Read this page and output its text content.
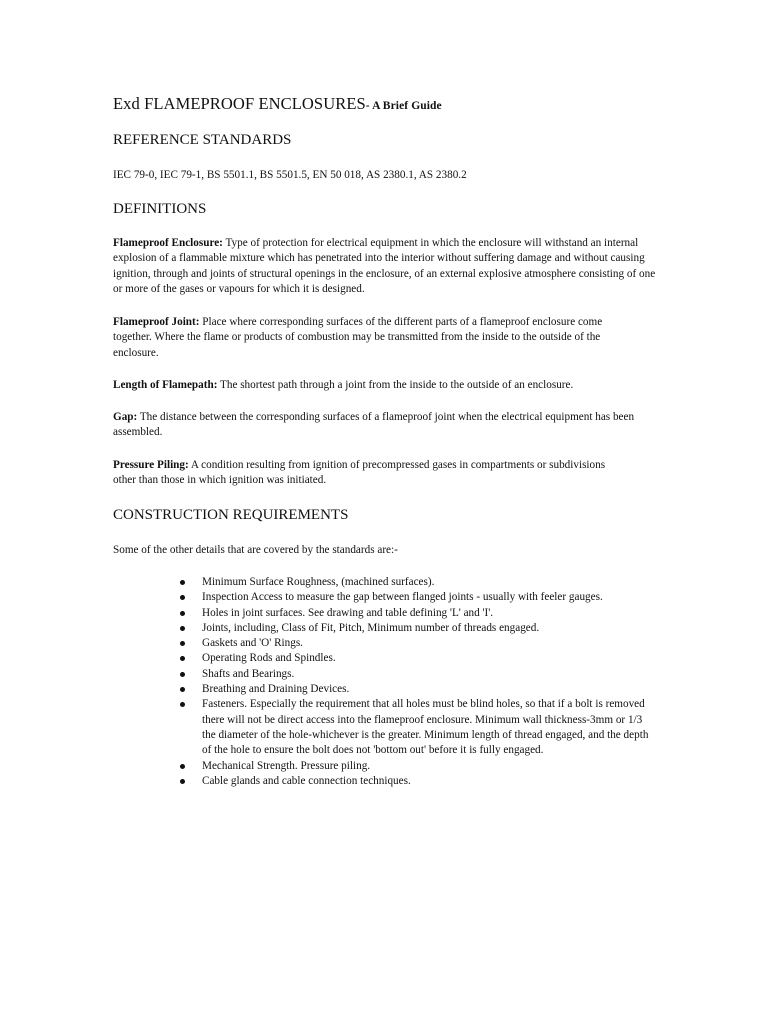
Exd FLAMEPROOF ENCLOSURES- A Brief Guide
REFERENCE STANDARDS

IEC 79-0, IEC 79-1, BS 5501.1, BS 5501.5, EN 50 018, AS 2380.1, AS 2380.2

DEFINITIONS

Flameproof Enclosure: Type of protection for electrical equipment in which the enclosure will withstand an internal explosion of a flammable mixture which has penetrated into the interior without suffering damage and without causing ignition, through and joints of structural openings in the enclosure, of an external explosive atmosphere consisting of one or more of the gases or vapours for which it is designed.

Flameproof Joint: Place where corresponding surfaces of the different parts of a flameproof enclosure come together. Where the flame or products of combustion may be transmitted from the inside to the outside of the enclosure.

Length of Flamepath: The shortest path through a joint from the inside to the outside of an enclosure.

Gap: The distance between the corresponding surfaces of a flameproof joint when the electrical equipment has been assembled.

Pressure Piling: A condition resulting from ignition of precompressed gases in compartments or subdivisions other than those in which ignition was initiated.

CONSTRUCTION REQUIREMENTS

Some of the other details that are covered by the standards are:-

Minimum Surface Roughness, (machined surfaces).
Inspection Access to measure the gap between flanged joints - usually with feeler gauges.
Holes in joint surfaces. See drawing and table defining 'L' and 'I'.
Joints, including, Class of Fit, Pitch, Minimum number of threads engaged.
Gaskets and 'O' Rings.
Operating Rods and Spindles.
Shafts and Bearings.
Breathing and Draining Devices.
Fasteners. Especially the requirement that all holes must be blind holes, so that if a bolt is removed there will not be direct access into the flameproof enclosure. Minimum wall thickness-3mm or 1/3 the diameter of the hole-whichever is the greater. Minimum length of thread engaged, and the depth of the hole to ensure the bolt does not 'bottom out' before it is fully engaged.
Mechanical Strength. Pressure piling.
Cable glands and cable connection techniques.
